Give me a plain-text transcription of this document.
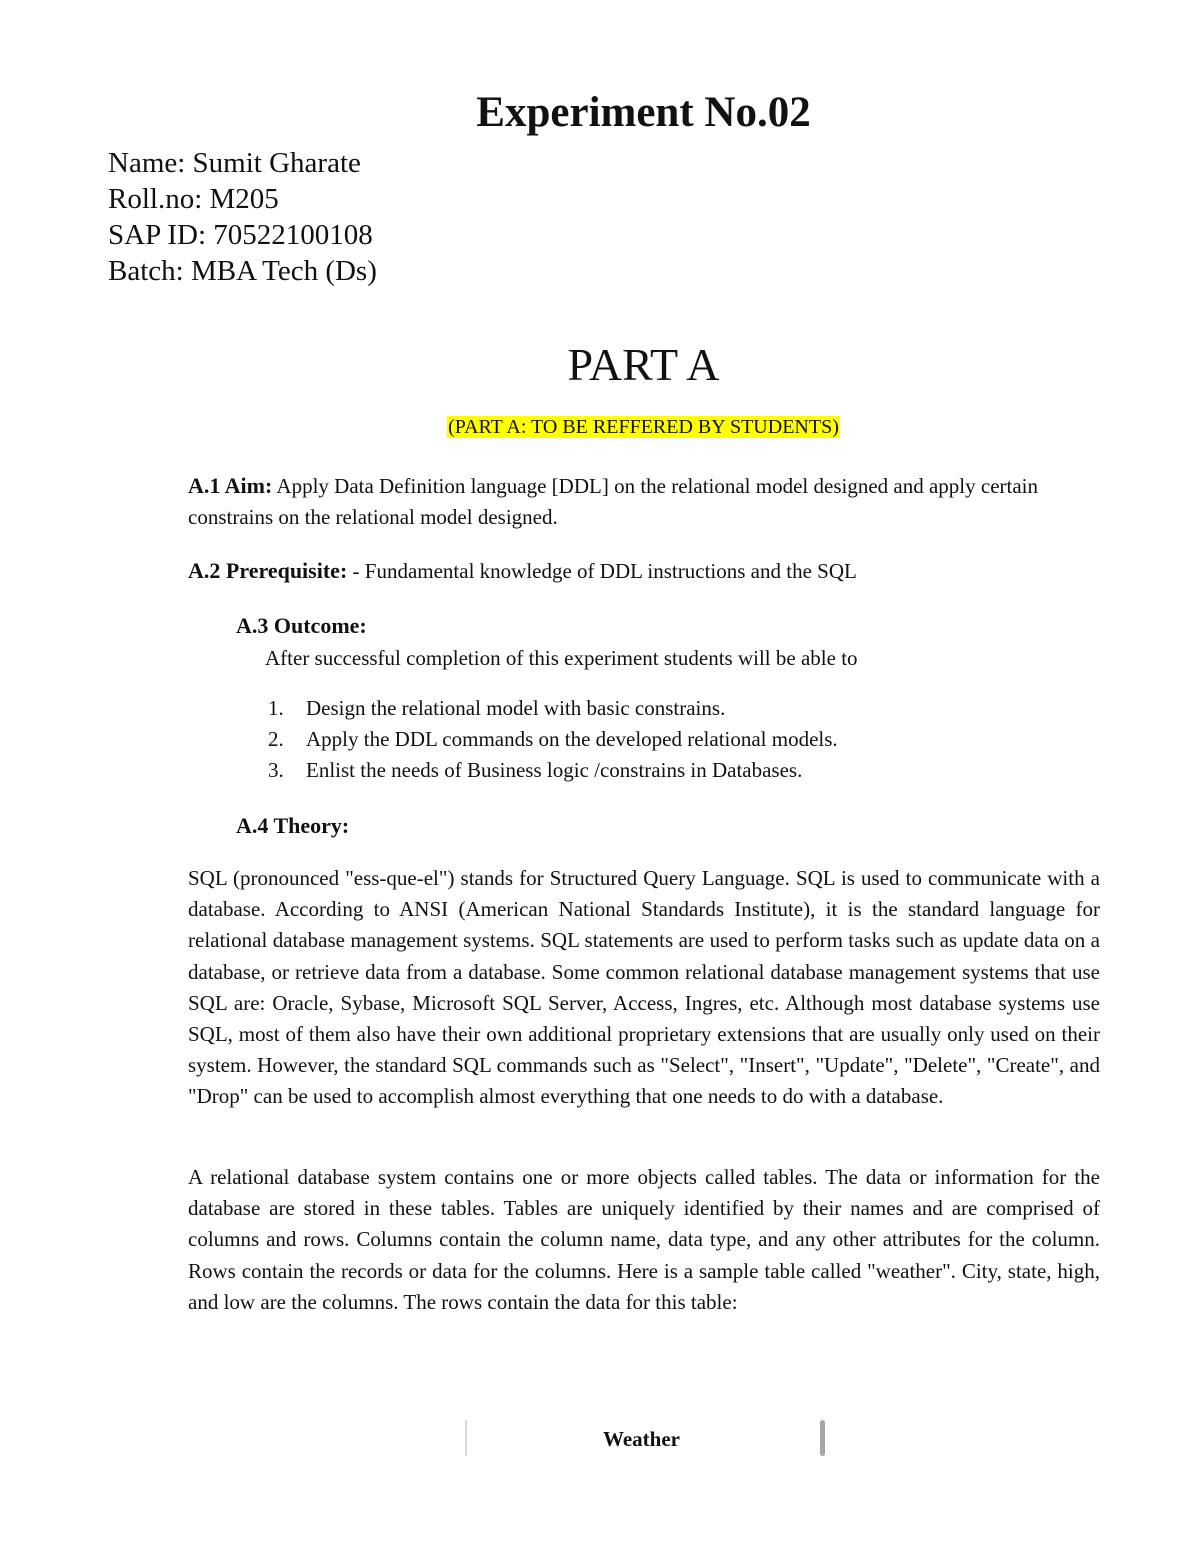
Experiment No.02
Name: Sumit Gharate
Roll.no: M205
SAP ID: 70522100108
Batch: MBA Tech (Ds)
PART A
(PART A: TO BE REFFERED BY STUDENTS)
A.1 Aim: Apply Data Definition language [DDL] on the relational model designed and apply certain constrains on the relational model designed.
A.2 Prerequisite: - Fundamental knowledge of DDL instructions and the SQL
A.3 Outcome:
After successful completion of this experiment students will be able to
1. Design the relational model with basic constrains.
2. Apply the DDL commands on the developed relational models.
3. Enlist the needs of Business logic /constrains in Databases.
A.4 Theory:

SQL (pronounced "ess-que-el") stands for Structured Query Language. SQL is used to communicate with a database. According to ANSI (American National Standards Institute), it is the standard language for relational database management systems. SQL statements are used to perform tasks such as update data on a database, or retrieve data from a database. Some common relational database management systems that use SQL are: Oracle, Sybase, Microsoft SQL Server, Access, Ingres, etc. Although most database systems use SQL, most of them also have their own additional proprietary extensions that are usually only used on their system. However, the standard SQL commands such as "Select", "Insert", "Update", "Delete", "Create", and "Drop" can be used to accomplish almost everything that one needs to do with a database.

A relational database system contains one or more objects called tables. The data or information for the database are stored in these tables. Tables are uniquely identified by their names and are comprised of columns and rows. Columns contain the column name, data type, and any other attributes for the column. Rows contain the records or data for the columns. Here is a sample table called "weather". City, state, high, and low are the columns. The rows contain the data for this table:

Weather
